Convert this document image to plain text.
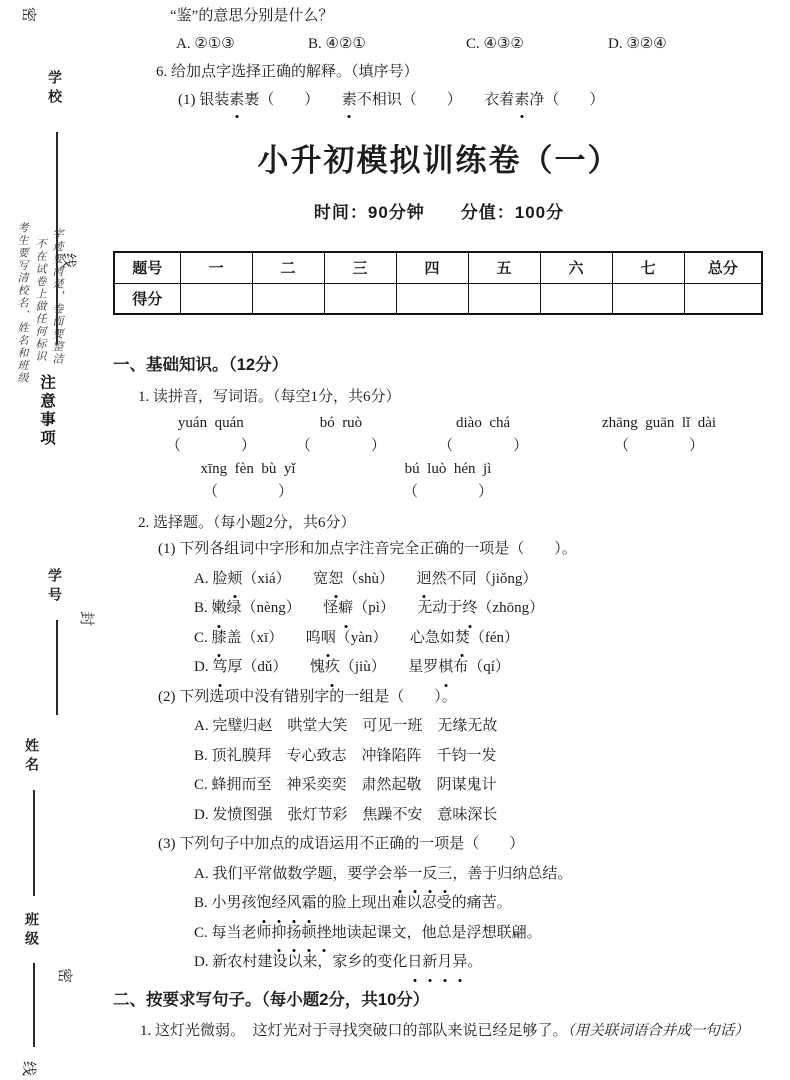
密
学校
考生要写清校名、姓名和班级 不在试卷上做任何标识 字迹要清楚，卷面要整洁
线
注意事项
学号
封
姓名
班级
密
线

“鉴”的意思分别是什么？

A. ②①③	B. ④②①	C. ④③②	D. ③②④

6. 给加点字选择正确的解释。（填序号）

(1) 银装素裹（　　）　　素不相识（　　）　　衣着素净（　　）

小升初模拟训练卷（一）

时间：90分钟　　分值：100分

题号	一	二	三	四	五	六	七	总分
得分								
一、基础知识。（12分）

1. 读拼音，写词语。（每空1分，共6分）

yuán  quán	bó  ruò	diào  chá	zhāng  guān  lǐ  dài
（　　　　）	（　　　　）	（　　　　）	（　　　　）
xīng  fèn  bù  yǐ	bú  luò  hén  jì
（　　　　）	（　　　　）

2. 选择题。（每小题2分，共6分）

(1) 下列各组词中字形和加点字注音完全正确的一项是（　　）。

A. 脸颊（xiá）　　宽恕（shù）　　迥然不同（jiǒng）

B. 嫩绿（nèng）　　怪癖（pì）　　无动于终（zhōng）

C. 膝盖（xī）　　呜咽（yàn）　　心急如焚（fén）

D. 笃厚（dǔ）　　愧疚（jiù）　　星罗棋布（qí）

(2) 下列选项中没有错别字的一组是（　　）。

A. 完璧归赵　哄堂大笑　可见一班　无缘无故

B. 顶礼膜拜　专心致志　冲锋陷阵　千钧一发

C. 蜂拥而至　神采奕奕　肃然起敬　阴谋鬼计

D. 发愤图强　张灯节彩　焦躁不安　意味深长

(3) 下列句子中加点的成语运用不正确的一项是（　　）

A. 我们平常做数学题，要学会举一反三，善于归纳总结。

B. 小男孩饱经风霜的脸上现出难以忍受的痛苦。

C. 每当老师抑扬顿挫地读起课文，他总是浮想联翩。

D. 新农村建设以来，家乡的变化日新月异。

二、按要求写句子。（每小题2分，共10分）

1. 这灯光微弱。　这灯光对于寻找突破口的部队来说已经足够了。（用关联词语合并成一句话）
